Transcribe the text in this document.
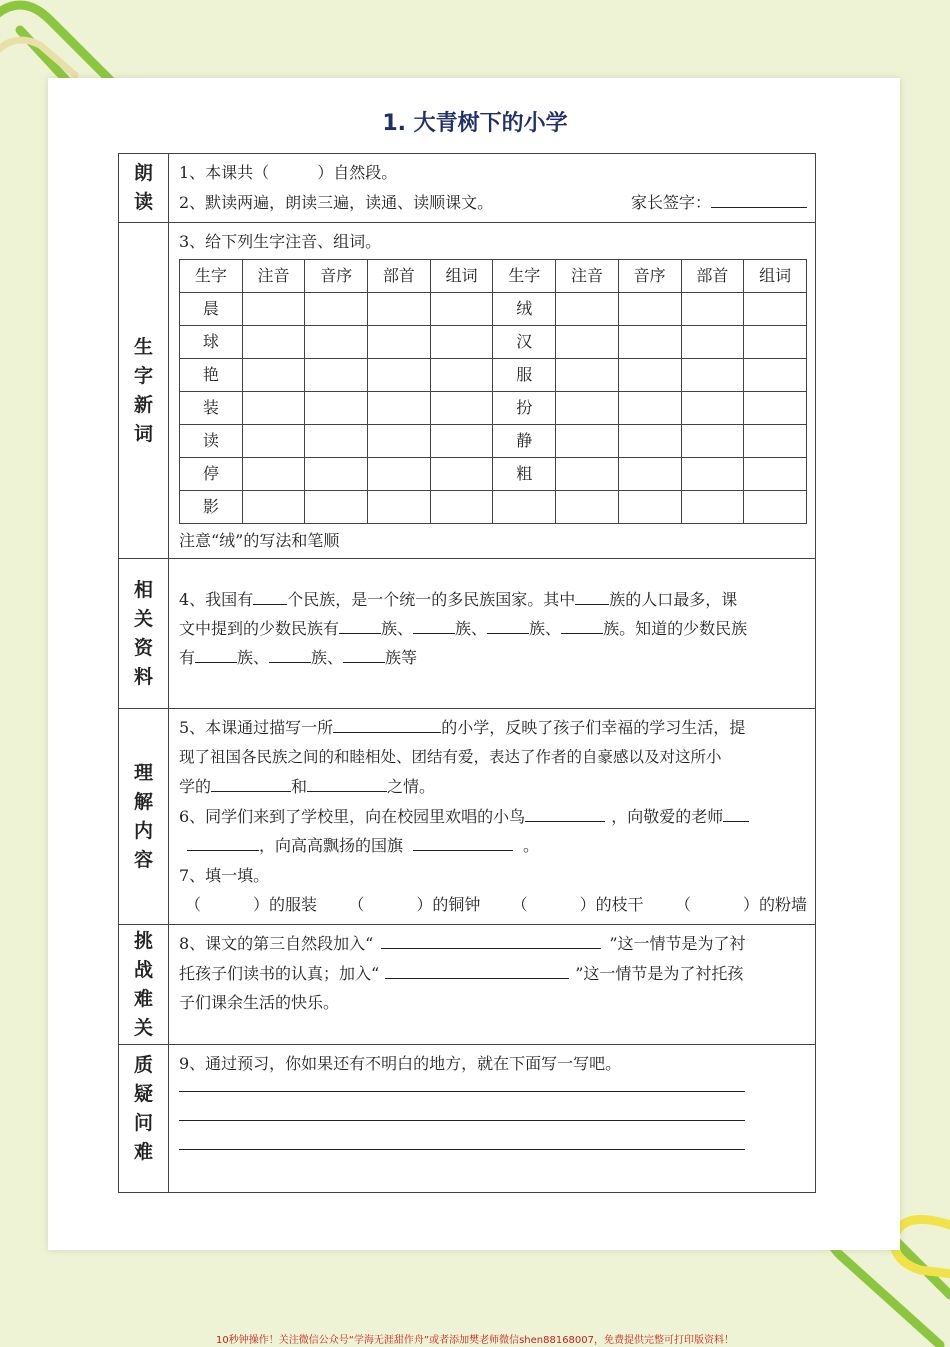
1. 大青树下的小学
朗
读

1、本课共（	）自然段。
2、默读两遍，朗读三遍，读通、读顺课文。	家长签字：

生
字
新
词

3、给下列生字注音、组词。
生字	注音	音序	部首	组词	生字	注音	音序	部首	组词
晨					绒				
球					汉				
艳					服				
装					扮				
读					静				
停					粗				
影									
注意“绒”的写法和笔顺

相
关
资
料

4、我国有 个民族，是一个统一的多民族国家。其中 族的人口最多，课
文中提到的少数民族有	族、	族、	族、	族。知道的少数民族
有	族、	族、	族等

理
解
内
容

5、本课通过描写一所	的小学，反映了孩子们幸福的学习生活，提
现了祖国各民族之间的和睦相处、团结有爱，表达了作者的自豪感以及对这所小
学的	和	之情。
6、同学们来到了学校里，向在校园里欢唱的小鸟	，向敬爱的老师
，向高高飘扬的国旗	。
7、填一填。
（	）的服装 （	）的铜钟 （	）的枝干 （	）的粉墙

挑
战
难
关

8、课文的第三自然段加入“	”这一情节是为了衬
托孩子们读书的认真；加入“	”这一情节是为了衬托孩
子们课余生活的快乐。

质
疑
问
难

9、通过预习，你如果还有不明白的地方，就在下面写一写吧。
10秒钟操作！关注微信公众号“学海无涯甜作舟”或者添加樊老师微信shen88168007，免费提供完整可打印版资料！
